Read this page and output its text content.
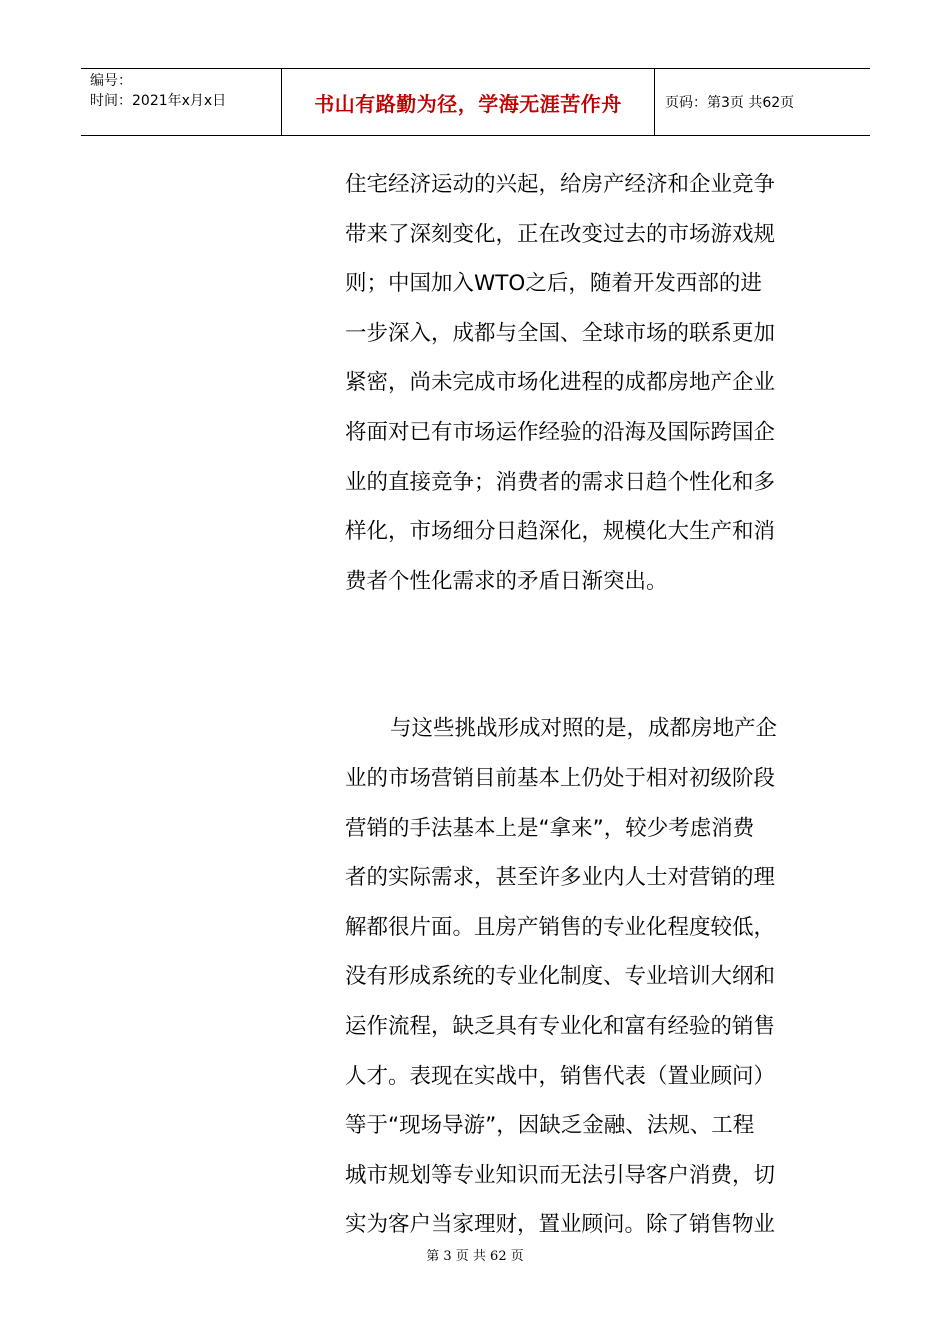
编号：
时间：2021年x月x日	书山有路勤为径，学海无涯苦作舟	页码：第3页 共62页
住宅经济运动的兴起，给房产经济和企业竞争
带来了深刻变化，正在改变过去的市场游戏规
则；中国加入WTO之后，随着开发西部的进
一步深入，成都与全国、全球市场的联系更加
紧密，尚未完成市场化进程的成都房地产企业
将面对已有市场运作经验的沿海及国际跨国企
业的直接竞争；消费者的需求日趋个性化和多
样化，市场细分日趋深化，规模化大生产和消
费者个性化需求的矛盾日渐突出。
与这些挑战形成对照的是，成都房地产企
业的市场营销目前基本上仍处于相对初级阶段
营销的手法基本上是“拿来”，较少考虑消费
者的实际需求，甚至许多业内人士对营销的理
解都很片面。且房产销售的专业化程度较低，
没有形成系统的专业化制度、专业培训大纲和
运作流程，缺乏具有专业化和富有经验的销售
人才。表现在实战中，销售代表（置业顾问）
等于“现场导游”，因缺乏金融、法规、工程
城市规划等专业知识而无法引导客户消费，切
实为客户当家理财，置业顾问。除了销售物业
第 3 页 共 62 页
